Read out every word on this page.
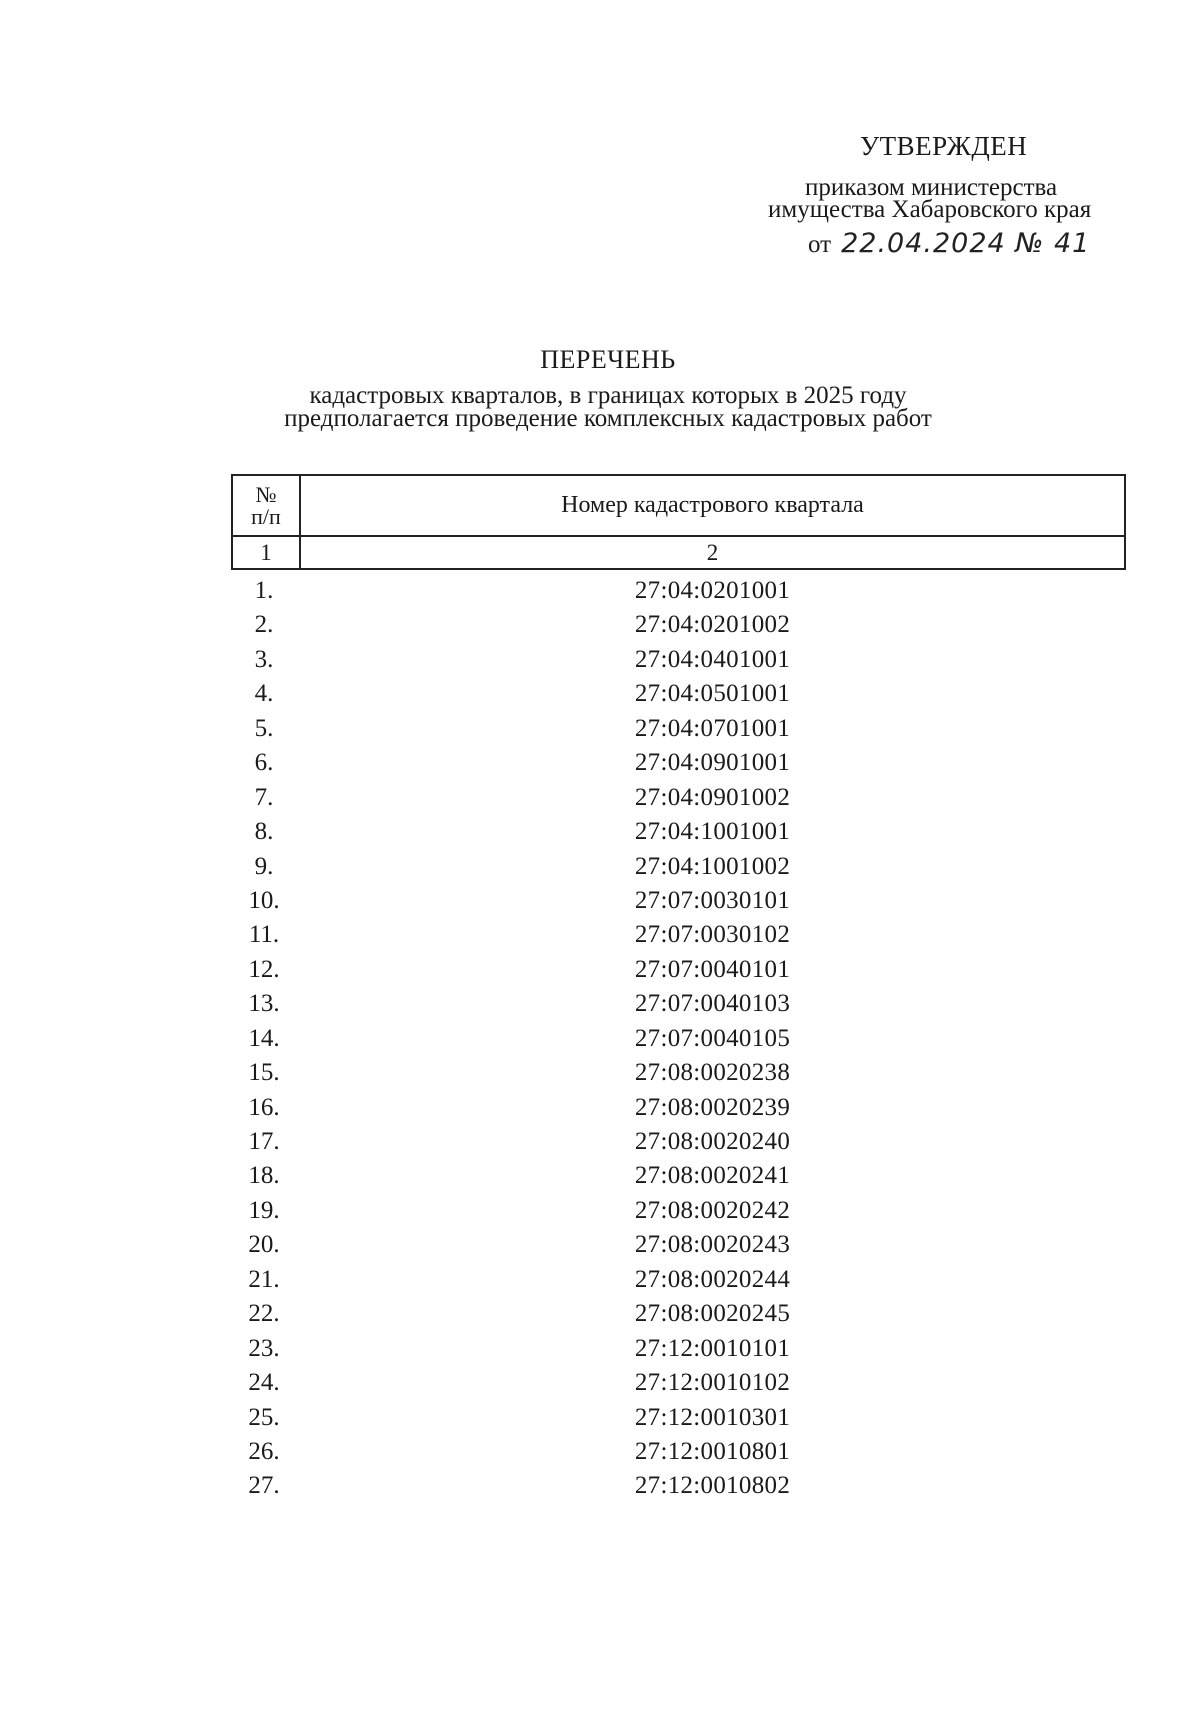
УТВЕРЖДЕН
приказом министерства
имущества Хабаровского края
от 22.04.2024 № 41
ПЕРЕЧЕНЬ
кадастровых кварталов, в границах которых в 2025 году
предполагается проведение комплексных кадастровых работ
№
п/п	Номер кадастрового квартала
1	2
1.	27:04:0201001
2.	27:04:0201002
3.	27:04:0401001
4.	27:04:0501001
5.	27:04:0701001
6.	27:04:0901001
7.	27:04:0901002
8.	27:04:1001001
9.	27:04:1001002
10.	27:07:0030101
11.	27:07:0030102
12.	27:07:0040101
13.	27:07:0040103
14.	27:07:0040105
15.	27:08:0020238
16.	27:08:0020239
17.	27:08:0020240
18.	27:08:0020241
19.	27:08:0020242
20.	27:08:0020243
21.	27:08:0020244
22.	27:08:0020245
23.	27:12:0010101
24.	27:12:0010102
25.	27:12:0010301
26.	27:12:0010801
27.	27:12:0010802
